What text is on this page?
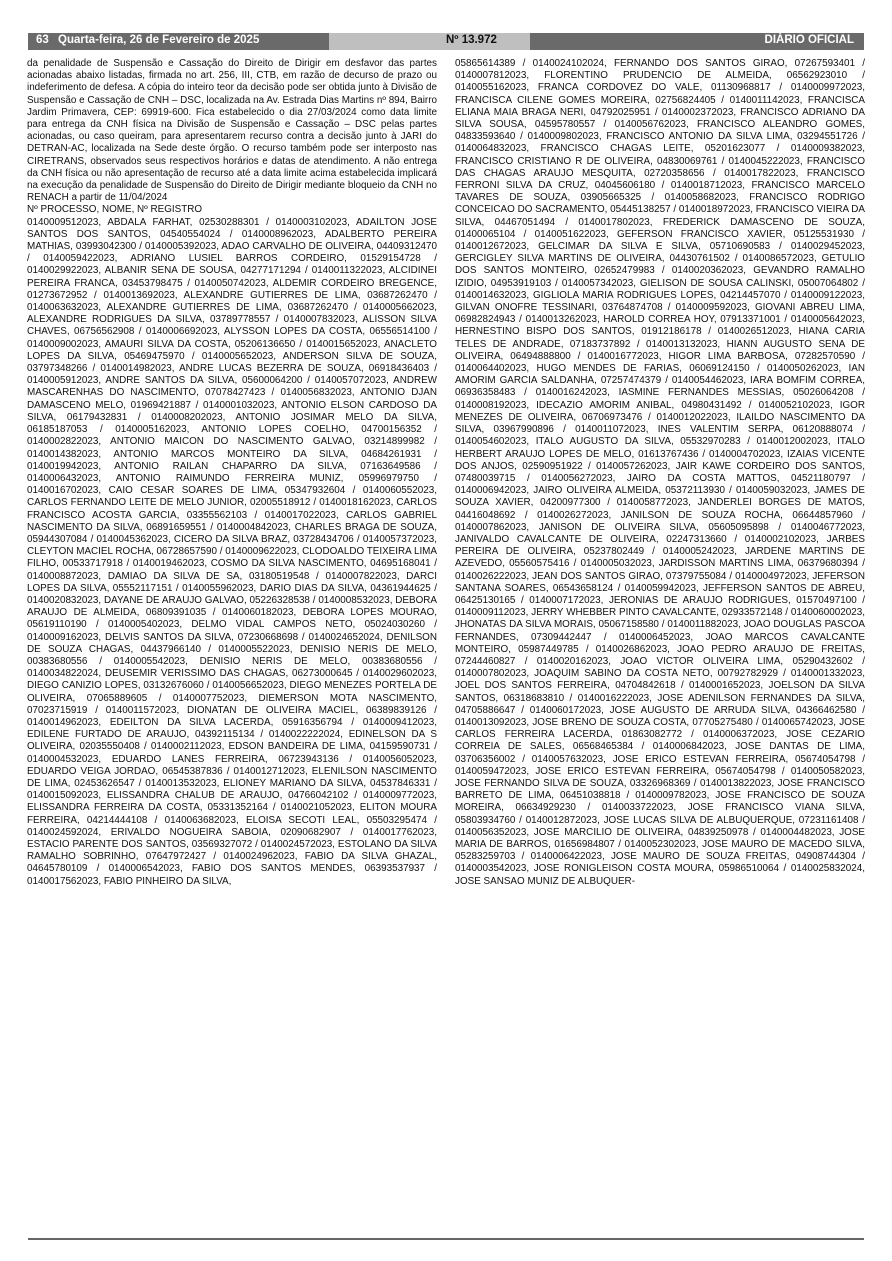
63 Quarta-feira, 26 de Fevereiro de 2025	Nº 13.972	DIÁRIO OFICIAL

da penalidade de Suspensão e Cassação do Direito de Dirigir em desfavor das partes acionadas abaixo listadas, firmada no art. 256, III, CTB, em razão de decurso de prazo ou indeferimento de defesa. A cópia do inteiro teor da decisão pode ser obtida junto à Divisão de Suspensão e Cassação de CNH – DSC, localizada na Av. Estrada Dias Martins nº 894, Bairro Jardim Primavera, CEP: 69919-600. Fica estabelecido o dia 27/03/2024 como data limite para entrega da CNH física na Divisão de Suspensão e Cassação – DSC pelas partes acionadas, ou caso queiram, para apresentarem recurso contra a decisão junto à JARI do DETRAN-AC, localizada na Sede deste órgão. O recurso também pode ser interposto nas CIRETRANS, observados seus respectivos horários e datas de atendimento. A não entrega da CNH física ou não apresentação de recurso até a data limite acima estabelecida implicará na execução da penalidade de Suspensão do Direito de Dirigir mediante bloqueio da CNH no RENACH a partir de 11/04/2024

Nº PROCESSO, NOME, Nº REGISTRO

0140009512023, ABDALA FARHAT, 02530288301 / 0140003102023, ADAILTON JOSE SANTOS DOS SANTOS, 04540554024 / 0140008962023, ADALBERTO PEREIRA MATHIAS, 03993042300 / 0140005392023, ADAO CARVALHO DE OLIVEIRA, 04409312470 / 0140059422023, ADRIANO LUSIEL BARROS CORDEIRO, 01529154728 / 0140029922023, ALBANIR SENA DE SOUSA, 04277171294 / 0140011322023, ALCIDINEI PEREIRA FRANCA, 03453798475 / 0140050742023, ALDEMIR CORDEIRO BREGENCE, 01273672952 / 0140013692023, ALEXANDRE GUTIERRES DE LIMA, 03687262470 / 0140063632023, ALEXANDRE GUTIERRES DE LIMA, 03687262470 / 0140005662023, ALEXANDRE RODRIGUES DA SILVA, 03789778557 / 0140007832023, ALISSON SILVA CHAVES, 06756562908 / 0140006692023, ALYSSON LOPES DA COSTA, 06556514100 / 0140009002023, AMAURI SILVA DA COSTA, 05206136650 / 0140015652023, ANACLETO LOPES DA SILVA, 05469475970 / 0140005652023, ANDERSON SILVA DE SOUZA, 03797348266 / 0140014982023, ANDRE LUCAS BEZERRA DE SOUZA, 06918436403 / 0140005912023, ANDRE SANTOS DA SILVA, 05600064200 / 0140057072023, ANDREW MASCARENHAS DO NASCIMENTO, 07078427423 / 0140056832023, ANTONIO DJAN DAMASCENO MELO, 01969421887 / 0140001032023, ANTONIO ELSON CARDOSO DA SILVA, 06179432831 / 0140008202023, ANTONIO JOSIMAR MELO DA SILVA, 06185187053 / 0140005162023, ANTONIO LOPES COELHO, 04700156352 / 0140002822023, ANTONIO MAICON DO NASCIMENTO GALVAO, 03214899982 / 0140014382023, ANTONIO MARCOS MONTEIRO DA SILVA, 04684261931 / 0140019942023, ANTONIO RAILAN CHAPARRO DA SILVA, 07163649586 / 0140006432023, ANTONIO RAIMUNDO FERREIRA MUNIZ, 05996979750 / 0140016702023, CAIO CESAR SOARES DE LIMA, 05347932604 / 0140060552023, CARLOS FERNANDO LEITE DE MELO JUNIOR, 02005518912 / 0140018162023, CARLOS FRANCISCO ACOSTA GARCIA, 03355562103 / 0140017022023, CARLOS GABRIEL NASCIMENTO DA SILVA, 06891659551 / 0140004842023, CHARLES BRAGA DE SOUZA, 05944307084 / 0140045362023, CICERO DA SILVA BRAZ, 03728434706 / 0140057372023, CLEYTON MACIEL ROCHA, 06728657590 / 0140009622023, CLODOALDO TEIXEIRA LIMA FILHO, 00533717918 / 0140019462023, COSMO DA SILVA NASCIMENTO, 04695168041 / 0140008872023, DAMIAO DA SILVA DE SA, 03180519548 / 0140007822023, DARCI LOPES DA SILVA, 05552117151 / 0140055962023, DARIO DIAS DA SILVA, 04361944625 / 0140020832023, DAYANE DE ARAUJO GALVAO, 05226328538 / 0140008532023, DEBORA ARAUJO DE ALMEIDA, 06809391035 / 0140060182023, DEBORA LOPES MOURAO, 05619110190 / 0140005402023, DELMO VIDAL CAMPOS NETO, 05024030260 / 0140009162023, DELVIS SANTOS DA SILVA, 07230668698 / 0140024652024, DENILSON DE SOUZA CHAGAS, 04437966140 / 0140005522023, DENISIO NERIS DE MELO, 00383680556 / 0140005542023, DENISIO NERIS DE MELO, 00383680556 / 0140034822024, DEUSEMIR VERISSIMO DAS CHAGAS, 06273000645 / 0140029602023, DIEGO CANIZIO LOPES, 03132676060 / 0140056652023, DIEGO MENEZES PORTELA DE OLIVEIRA, 07065889605 / 0140007752023, DIEMERSON MOTA NASCIMENTO, 07023715919 / 0140011572023, DIONATAN DE OLIVEIRA MACIEL, 06389839126 / 0140014962023, EDEILTON DA SILVA LACERDA, 05916356794 / 0140009412023, EDILENE FURTADO DE ARAUJO, 04392115134 / 0140022222024, EDINELSON DA S OLIVEIRA, 02035550408 / 0140002112023, EDSON BANDEIRA DE LIMA, 04159590731 / 0140004532023, EDUARDO LANES FERREIRA, 06723943136 / 0140056052023, EDUARDO VEIGA JORDAO, 06545387836 / 0140012712023, ELENILSON NASCIMENTO DE LIMA, 02453626547 / 0140013532023, ELIONEY MARIANO DA SILVA, 04537846331 / 0140015092023, ELISSANDRA CHALUB DE ARAUJO, 04766042102 / 0140009772023, ELISSANDRA FERREIRA DA COSTA, 05331352164 / 0140021052023, ELITON MOURA FERREIRA, 04214444108 / 0140063682023, ELOISA SECOTI LEAL, 05503295474 / 0140024592024, ERIVALDO NOGUEIRA SABOIA, 02090682907 / 0140017762023, ESTACIO PARENTE DOS SANTOS, 03569327072 / 0140024572023, ESTOLANO DA SILVA RAMALHO SOBRINHO, 07647972427 / 0140024962023, FABIO DA SILVA GHAZAL, 04645780109 / 0140006542023, FABIO DOS SANTOS MENDES, 06393537937 / 0140017562023, FABIO PINHEIRO DA SILVA,

05865614389 / 0140024102024, FERNANDO DOS SANTOS GIRAO, 07267593401 / 0140007812023, FLORENTINO PRUDENCIO DE ALMEIDA, 06562923010 / 0140055162023, FRANCA CORDOVEZ DO VALE, 01130968817 / 0140009972023, FRANCISCA CILENE GOMES MOREIRA, 02756824405 / 0140011142023, FRANCISCA ELIANA MAIA BRAGA NERI, 04792025951 / 0140002372023, FRANCISCO ADRIANO DA SILVA SOUSA, 04595780557 / 0140056762023, FRANCISCO ALEANDRO GOMES, 04833593640 / 0140009802023, FRANCISCO ANTONIO DA SILVA LIMA, 03294551726 / 0140064832023, FRANCISCO CHAGAS LEITE, 05201623077 / 0140009382023, FRANCISCO CRISTIANO R DE OLIVEIRA, 04830069761 / 0140045222023, FRANCISCO DAS CHAGAS ARAUJO MESQUITA, 02720358656 / 0140017822023, FRANCISCO FERRONI SILVA DA CRUZ, 04045606180 / 0140018712023, FRANCISCO MARCELO TAVARES DE SOUZA, 03905665325 / 0140058682023, FRANCISCO RODRIGO CONCEICAO DO SACRAMENTO, 05445138257 / 0140018972023, FRANCISCO VIEIRA DA SILVA, 04467051494 / 0140017802023, FREDERICK DAMASCENO DE SOUZA, 01400065104 / 0140051622023, GEFERSON FRANCISCO XAVIER, 05125531930 / 0140012672023, GELCIMAR DA SILVA E SILVA, 05710690583 / 0140029452023, GERCIGLEY SILVA MARTINS DE OLIVEIRA, 04430761502 / 0140086572023, GETULIO DOS SANTOS MONTEIRO, 02652479983 / 0140020362023, GEVANDRO RAMALHO IZIDIO, 04953919103 / 0140057342023, GIELISON DE SOUSA CALINSKI, 05007064802 / 0140014632023, GIGLIOLA MARIA RODRIGUES LOPES, 04214457070 / 0140009122023, GILVAN ONOFRE TESSINARI, 03764874708 / 0140009592023, GIOVANI ABREU LIMA, 06982824943 / 0140013262023, HAROLD CORREA HOY, 07913371001 / 0140005642023, HERNESTINO BISPO DOS SANTOS, 01912186178 / 0140026512023, HIANA CARIA TELES DE ANDRADE, 07183737892 / 0140013132023, HIANN AUGUSTO SENA DE OLIVEIRA, 06494888800 / 0140016772023, HIGOR LIMA BARBOSA, 07282570590 / 0140064402023, HUGO MENDES DE FARIAS, 06069124150 / 0140050262023, IAN AMORIM GARCIA SALDANHA, 07257474379 / 0140054462023, IARA BOMFIM CORREA, 06936358483 / 0140016242023, IASMINE FERNANDES MESSIAS, 05026064208 / 0140008192023, IDECAZIO AMORIM ANIBAL, 04980431492 / 0140052102023, IGOR MENEZES DE OLIVEIRA, 06706973476 / 0140012022023, ILAILDO NASCIMENTO DA SILVA, 03967990896 / 0140011072023, INES VALENTIM SERPA, 06120888074 / 0140054602023, ITALO AUGUSTO DA SILVA, 05532970283 / 0140012002023, ITALO HERBERT ARAUJO LOPES DE MELO, 01613767436 / 0140004702023, IZAIAS VICENTE DOS ANJOS, 02590951922 / 0140057262023, JAIR KAWE CORDEIRO DOS SANTOS, 07480039715 / 0140056272023, JAIRO DA COSTA MATTOS, 04521180797 / 0140006942023, JAIRO OLIVEIRA ALMEIDA, 05372113930 / 0140059032023, JAMES DE SOUZA XAVIER, 04200977300 / 0140058772023, JANDERLEI BORGES DE MATOS, 04416048692 / 0140026272023, JANILSON DE SOUZA ROCHA, 06644857960 / 0140007862023, JANISON DE OLIVEIRA SILVA, 05605095898 / 0140046772023, JANIVALDO CAVALCANTE DE OLIVEIRA, 02247313660 / 0140002102023, JARBES PEREIRA DE OLIVEIRA, 05237802449 / 0140005242023, JARDENE MARTINS DE AZEVEDO, 05560575416 / 0140005032023, JARDISSON MARTINS LIMA, 06379680394 / 0140026222023, JEAN DOS SANTOS GIRAO, 07379755084 / 0140004972023, JEFERSON SANTANA SOARES, 06543658124 / 0140059942023, JEFFERSON SANTOS DE ABREU, 06425130165 / 0140007172023, JERONIAS DE ARAUJO RODRIGUES, 01570497100 / 0140009112023, JERRY WHEBBER PINTO CAVALCANTE, 02933572148 / 0140060002023, JHONATAS DA SILVA MORAIS, 05067158580 / 0140011882023, JOAO DOUGLAS PASCOA FERNANDES, 07309442447 / 0140006452023, JOAO MARCOS CAVALCANTE MONTEIRO, 05987449785 / 0140026862023, JOAO PEDRO ARAUJO DE FREITAS, 07244460827 / 0140020162023, JOAO VICTOR OLIVEIRA LIMA, 05290432602 / 0140007802023, JOAQUIM SABINO DA COSTA NETO, 00792782929 / 0140001332023, JOEL DOS SANTOS FERREIRA, 04704842618 / 0140001652023, JOELSON DA SILVA SANTOS, 06318683810 / 0140016222023, JOSE ADENILSON FERNANDES DA SILVA, 04705886647 / 0140060172023, JOSE AUGUSTO DE ARRUDA SILVA, 04366462580 / 0140013092023, JOSE BRENO DE SOUZA COSTA, 07705275480 / 0140065742023, JOSE CARLOS FERREIRA LACERDA, 01863082772 / 0140006372023, JOSE CEZARIO CORREIA DE SALES, 06568465384 / 0140006842023, JOSE DANTAS DE LIMA, 03706356002 / 0140057632023, JOSE ERICO ESTEVAN FERREIRA, 05674054798 / 0140059472023, JOSE ERICO ESTEVAN FERREIRA, 05674054798 / 0140050582023, JOSE FERNANDO SILVA DE SOUZA, 03326968369 / 0140013822023, JOSE FRANCISCO BARRETO DE LIMA, 06451038818 / 0140009782023, JOSE FRANCISCO DE SOUZA MOREIRA, 06634929230 / 0140033722023, JOSE FRANCISCO VIANA SILVA, 05803934760 / 0140012872023, JOSE LUCAS SILVA DE ALBUQUERQUE, 07231161408 / 0140056352023, JOSE MARCILIO DE OLIVEIRA, 04839250978 / 0140004482023, JOSE MARIA DE BARROS, 01656984807 / 0140052302023, JOSE MAURO DE MACEDO SILVA, 05283259703 / 0140006422023, JOSE MAURO DE SOUZA FREITAS, 04908744304 / 0140003542023, JOSE RONIGLEISON COSTA MOURA, 05986510064 / 0140025832024, JOSE SANSAO MUNIZ DE ALBUQUER-
